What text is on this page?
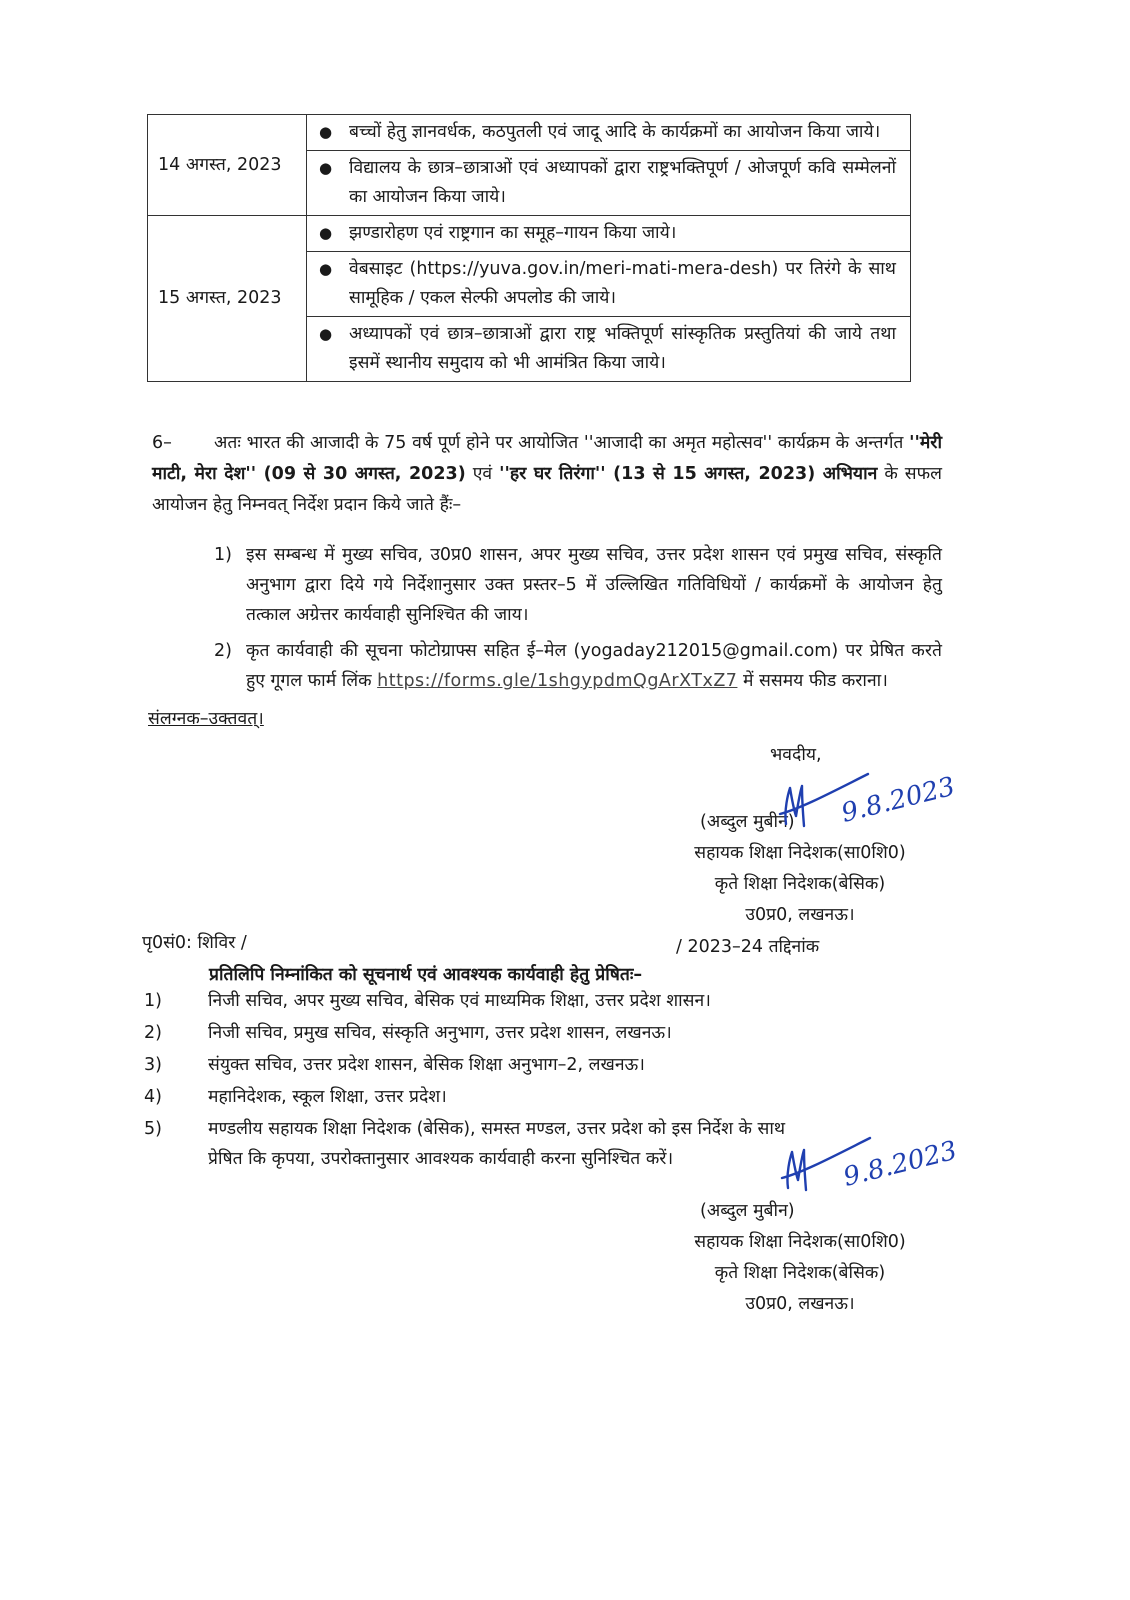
14 अगस्त, 2023	● बच्चों हेतु ज्ञानवर्धक, कठपुतली एवं जादू आदि के कार्यक्रमों का आयोजन किया जाये।

	● विद्यालय के छात्र–छात्राओं एवं अध्यापकों द्वारा राष्ट्रभक्तिपूर्ण / ओजपूर्ण कवि सम्मेलनों का आयोजन किया जाये।

15 अगस्त, 2023	● झण्डारोहण एवं राष्ट्रगान का समूह–गायन किया जाये।

	● वेबसाइट (https://yuva.gov.in/meri-mati-mera-desh) पर तिरंगे के साथ सामूहिक / एकल सेल्फी अपलोड की जाये।

	● अध्यापकों एवं छात्र–छात्राओं द्वारा राष्ट्र भक्तिपूर्ण सांस्कृतिक प्रस्तुतियां की जाये तथा इसमें स्थानीय समुदाय को भी आमंत्रित किया जाये।
6– अतः भारत की आजादी के 75 वर्ष पूर्ण होने पर आयोजित ''आजादी का अमृत महोत्सव'' कार्यक्रम के अन्तर्गत ''मेरी माटी, मेरा देश'' (09 से 30 अगस्त, 2023) एवं ''हर घर तिरंगा'' (13 से 15 अगस्त, 2023) अभियान के सफल आयोजन हेतु निम्नवत् निर्देश प्रदान किये जाते हैंः–
1) इस सम्बन्ध में मुख्य सचिव, उ0प्र0 शासन, अपर मुख्य सचिव, उत्तर प्रदेश शासन एवं प्रमुख सचिव, संस्कृति अनुभाग द्वारा दिये गये निर्देशानुसार उक्त प्रस्तर–5 में उल्लिखित गतिविधियों / कार्यक्रमों के आयोजन हेतु तत्काल अग्रेत्तर कार्यवाही सुनिश्चित की जाय।
2) कृत कार्यवाही की सूचना फोटोग्राफ्स सहित ई–मेल (yogaday212015@gmail.com) पर प्रेषित करते हुए गूगल फार्म लिंक https://forms.gle/1shgypdmQgArXTxZ7 में ससमय फीड कराना।
संलग्नक–उक्तवत्।
भवदीय,
(अब्दुल मुबीन)
सहायक शिक्षा निदेशक(सा0शि0)
कृते शिक्षा निदेशक(बेसिक)
उ0प्र0, लखनऊ।
9.8.2023
पृ0सं0: शिविर /	/ 2023–24 तद्दिनांक
प्रतिलिपि निम्नांकित को सूचनार्थ एवं आवश्यक कार्यवाही हेतु प्रेषितः–
1)	निजी सचिव, अपर मुख्य सचिव, बेसिक एवं माध्यमिक शिक्षा, उत्तर प्रदेश शासन।
2)	निजी सचिव, प्रमुख सचिव, संस्कृति अनुभाग, उत्तर प्रदेश शासन, लखनऊ।
3)	संयुक्त सचिव, उत्तर प्रदेश शासन, बेसिक शिक्षा अनुभाग–2, लखनऊ।
4)	महानिदेशक, स्कूल शिक्षा, उत्तर प्रदेश।
5)	मण्डलीय सहायक शिक्षा निदेशक (बेसिक), समस्त मण्डल, उत्तर प्रदेश को इस निर्देश के साथ प्रेषित कि कृपया, उपरोक्तानुसार आवश्यक कार्यवाही करना सुनिश्चित करें।
(अब्दुल मुबीन)
सहायक शिक्षा निदेशक(सा0शि0)
कृते शिक्षा निदेशक(बेसिक)
उ0प्र0, लखनऊ।
9.8.2023
